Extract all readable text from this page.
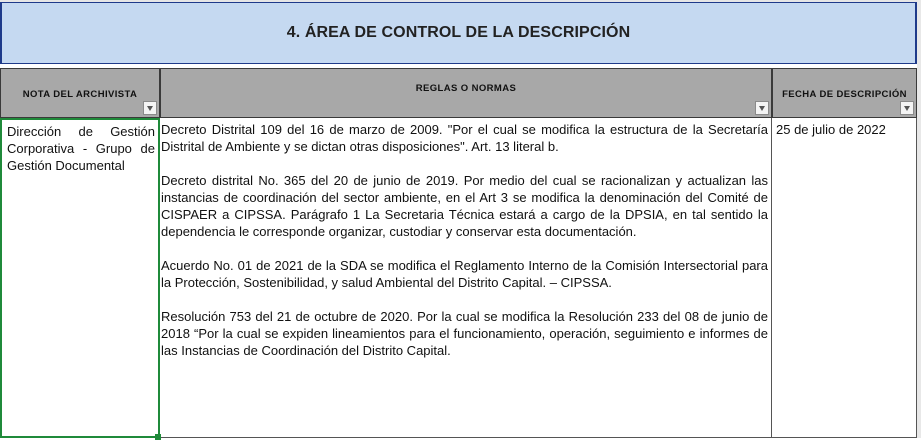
4. ÁREA DE CONTROL DE LA DESCRIPCIÓN
NOTA DEL ARCHIVISTA
REGLAS O NORMAS
FECHA DE DESCRIPCIÓN
Dirección de Gestión Corporativa - Grupo de Gestión Documental

Decreto Distrital 109 del 16 de marzo de 2009. "Por el cual se modifica la estructura de la Secretaría Distrital de Ambiente y se dictan otras disposiciones". Art. 13 literal b.

Decreto distrital No. 365 del 20 de junio de 2019. Por medio del cual se racionalizan y actualizan las instancias de coordinación del sector ambiente, en el Art 3 se modifica la denominación del Comité de CISPAER a CIPSSA. Parágrafo 1 La Secretaria Técnica estará a cargo de la DPSIA, en tal sentido la dependencia le corresponde organizar, custodiar y conservar esta documentación.

Acuerdo No. 01 de 2021 de la SDA se modifica el Reglamento Interno de la Comisión Intersectorial para la Protección, Sostenibilidad, y salud Ambiental del Distrito Capital. – CIPSSA.

Resolución 753 del 21 de octubre de 2020. Por la cual se modifica la Resolución 233 del 08 de junio de 2018 “Por la cual se expiden lineamientos para el funcionamiento, operación, seguimiento e informes de las Instancias de Coordinación del Distrito Capital.

25 de julio de 2022
